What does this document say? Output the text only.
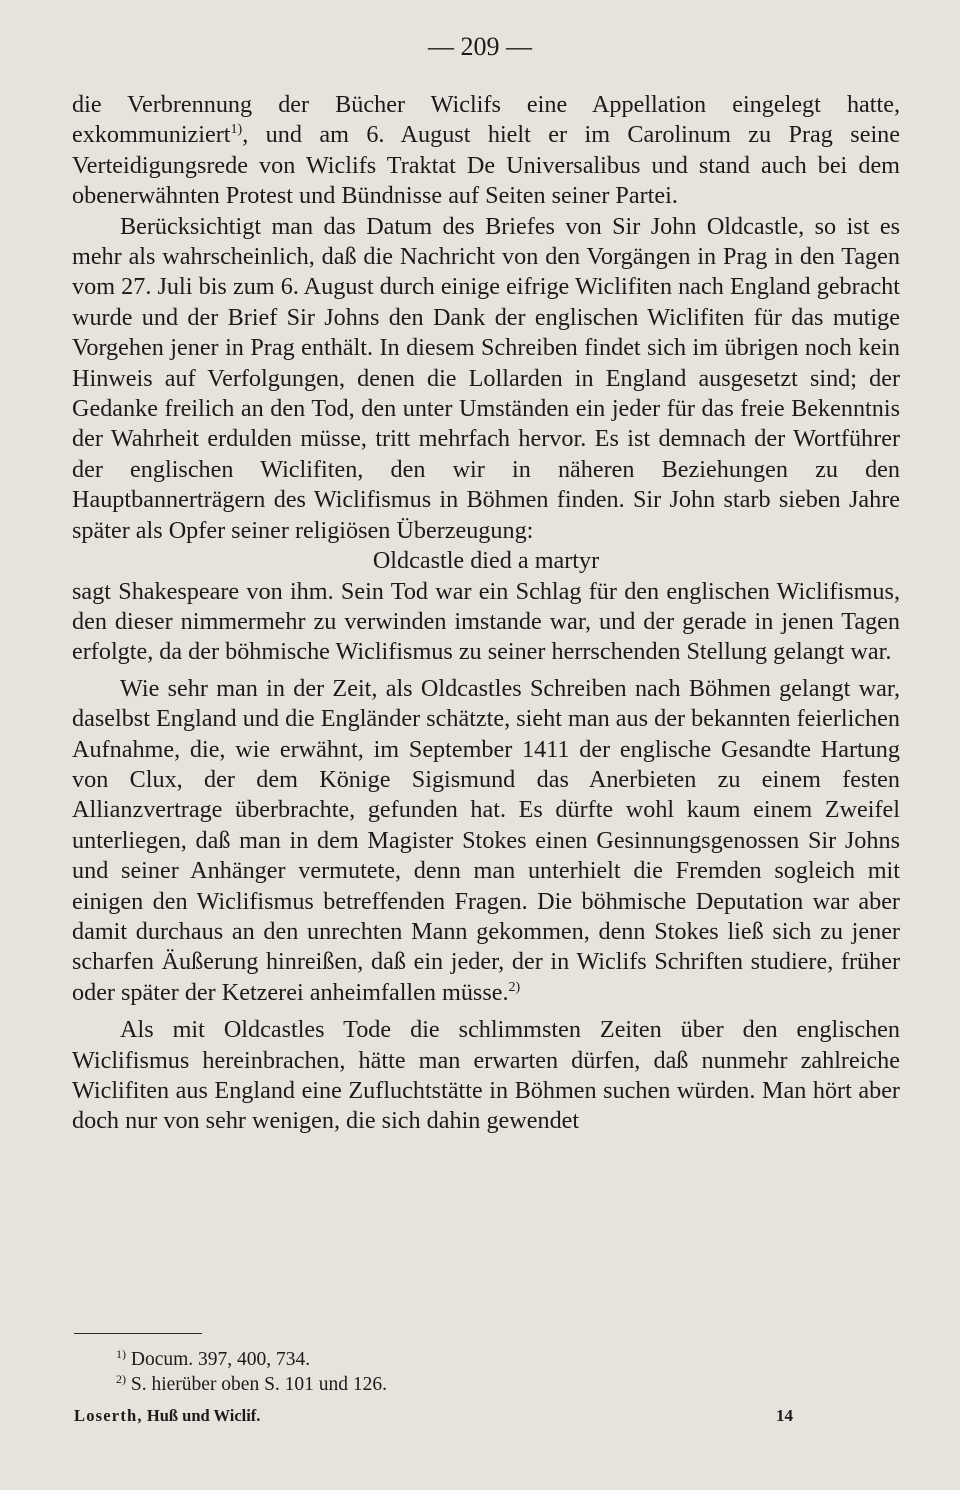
— 209 —

die Verbrennung der Bücher Wiclifs eine Appellation eingelegt hatte, exkommuniziert$^{1)}$, und am 6. August hielt er im Carolinum zu Prag seine Verteidigungsrede von Wiclifs Traktat De Universalibus und stand auch bei dem obenerwähnten Protest und Bündnisse auf Seiten seiner Partei.

Berücksichtigt man das Datum des Briefes von Sir John Oldcastle, so ist es mehr als wahrscheinlich, daß die Nachricht von den Vorgängen in Prag in den Tagen vom 27. Juli bis zum 6. August durch einige eifrige Wiclifiten nach England gebracht wurde und der Brief Sir Johns den Dank der englischen Wiclifiten für das mutige Vorgehen jener in Prag enthält. In diesem Schreiben findet sich im übrigen noch kein Hinweis auf Verfolgungen, denen die Lollarden in England ausgesetzt sind; der Gedanke freilich an den Tod, den unter Umständen ein jeder für das freie Bekenntnis der Wahrheit erdulden müsse, tritt mehrfach hervor. Es ist demnach der Wortführer der englischen Wiclifiten, den wir in näheren Beziehungen zu den Hauptbannerträgern des Wiclifismus in Böhmen finden. Sir John starb sieben Jahre später als Opfer seiner religiösen Überzeugung:

Oldcastle died a martyr

sagt Shakespeare von ihm. Sein Tod war ein Schlag für den englischen Wiclifismus, den dieser nimmermehr zu verwinden imstande war, und der gerade in jenen Tagen erfolgte, da der böhmische Wiclifismus zu seiner herrschenden Stellung gelangt war.

Wie sehr man in der Zeit, als Oldcastles Schreiben nach Böhmen gelangt war, daselbst England und die Engländer schätzte, sieht man aus der bekannten feierlichen Aufnahme, die, wie erwähnt, im September 1411 der englische Gesandte Hartung von Clux, der dem Könige Sigismund das Anerbieten zu einem festen Allianzvertrage überbrachte, gefunden hat. Es dürfte wohl kaum einem Zweifel unterliegen, daß man in dem Magister Stokes einen Gesinnungsgenossen Sir Johns und seiner Anhänger vermutete, denn man unterhielt die Fremden sogleich mit einigen den Wiclifismus betreffenden Fragen. Die böhmische Deputation war aber damit durchaus an den unrechten Mann gekommen, denn Stokes ließ sich zu jener scharfen Äußerung hinreißen, daß ein jeder, der in Wiclifs Schriften studiere, früher oder später der Ketzerei anheimfallen müsse.$^{2)}$

Als mit Oldcastles Tode die schlimmsten Zeiten über den englischen Wiclifismus hereinbrachen, hätte man erwarten dürfen, daß nunmehr zahlreiche Wiclifiten aus England eine Zufluchtstätte in Böhmen suchen würden. Man hört aber doch nur von sehr wenigen, die sich dahin gewendet

$^{1)}$ Docum. 397, 400, 734.
$^{2)}$ S. hierüber oben S. 101 und 126.
Loserth, Huß und Wiclif.	14
